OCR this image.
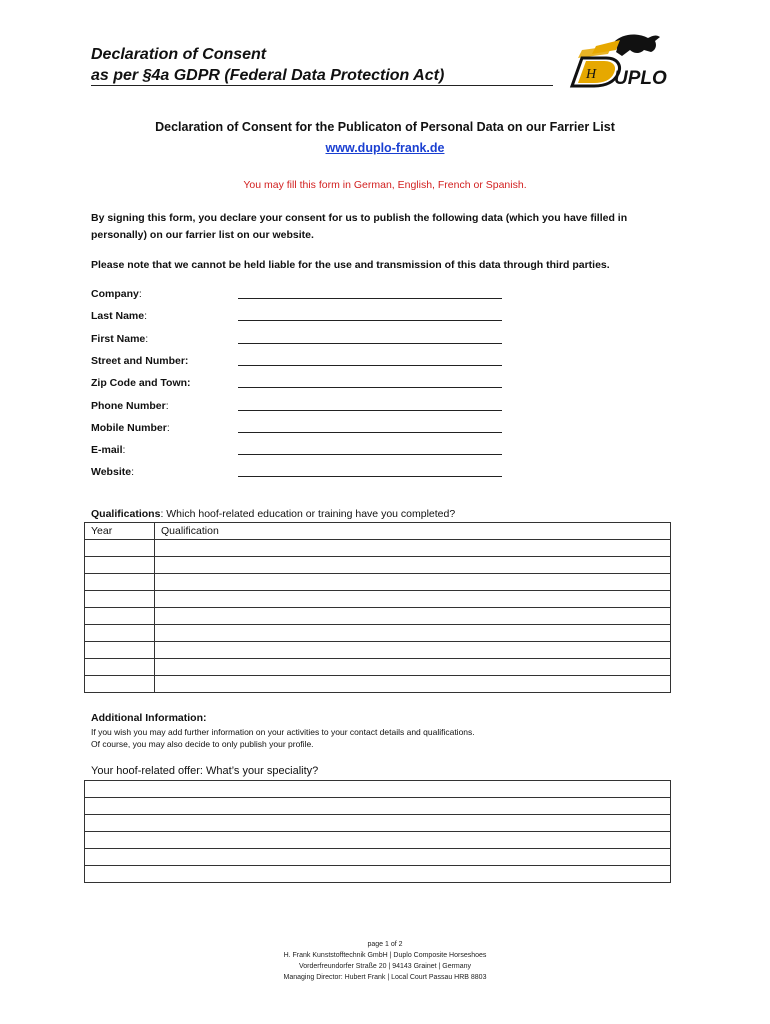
Declaration of Consent
as per §4a GDPR (Federal Data Protection Act)	H UPLO
Declaration of Consent for the Publicaton of Personal Data on our Farrier List
www.duplo-frank.de
You may fill this form in German, English, French or Spanish.
By signing this form, you declare your consent for us to publish the following data (which you have filled in personally) on our farrier list on our website.
Please note that we cannot be held liable for the use and transmission of this data through third parties.
Company:
Last Name:
First Name:
Street and Number:
Zip Code and Town:
Phone Number:
Mobile Number:
E-mail:
Website:
Qualifications: Which hoof-related education or training have you completed?
Year	Qualification

Additional Information:
If you wish you may add further information on your activities to your contact details and qualifications.
Of course, you may also decide to only publish your profile.
Your hoof-related offer: What’s your speciality?

page 1 of 2
H. Frank Kunststofftechnik GmbH | Duplo Composite Horseshoes
Vorderfreundorfer Straße 20 | 94143 Grainet | Germany
Managing Director: Hubert Frank | Local Court Passau HRB 8803
